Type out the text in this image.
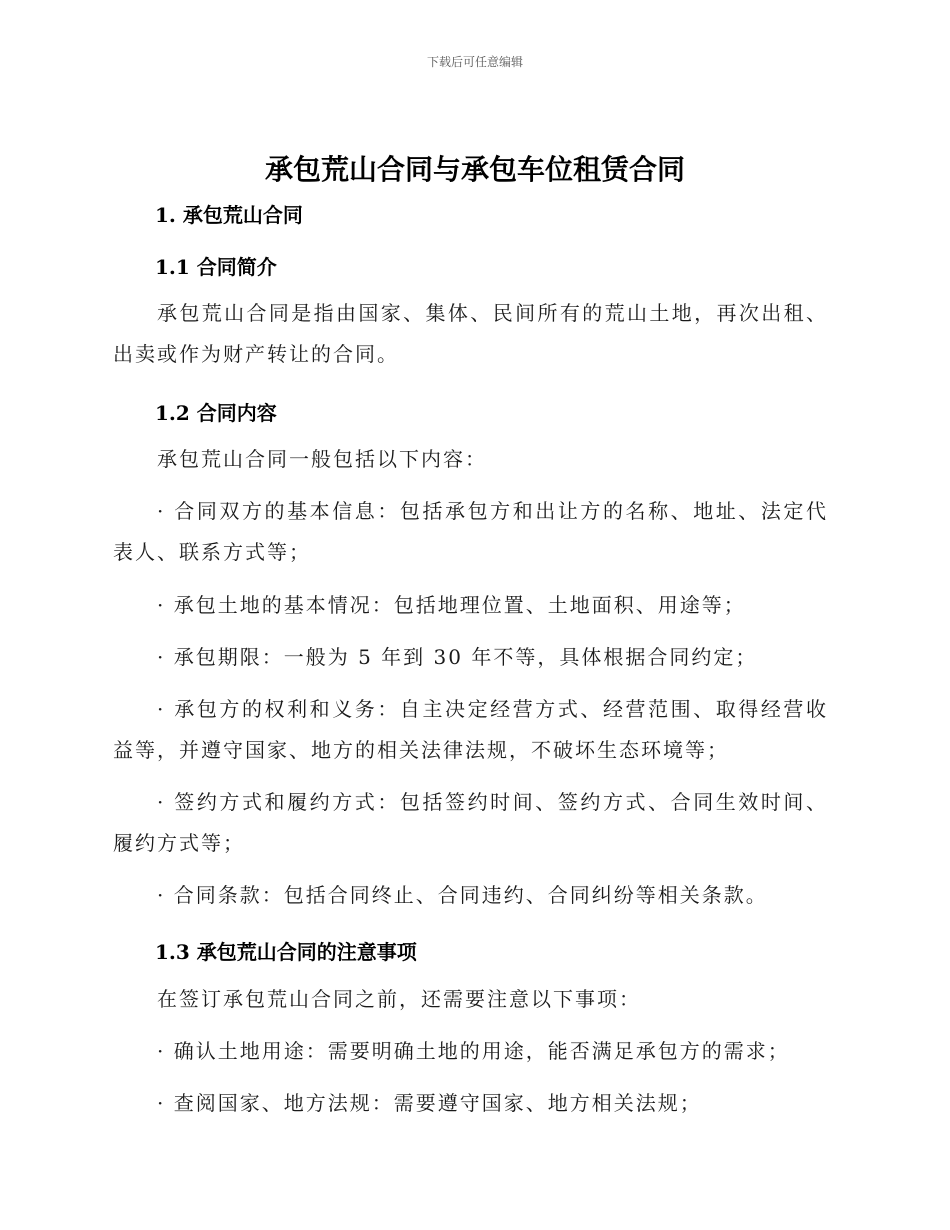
下载后可任意编辑
承包荒山合同与承包车位租赁合同
1. 承包荒山合同
1.1 合同简介

承包荒山合同是指由国家、集体、民间所有的荒山土地，再次出租、出卖或作为财产转让的合同。

1.2 合同内容

承包荒山合同一般包括以下内容：

· 合同双方的基本信息：包括承包方和出让方的名称、地址、法定代表人、联系方式等；

· 承包土地的基本情况：包括地理位置、土地面积、用途等；

· 承包期限：一般为 5 年到 30 年不等，具体根据合同约定；

· 承包方的权利和义务：自主决定经营方式、经营范围、取得经营收益等，并遵守国家、地方的相关法律法规，不破坏生态环境等；

· 签约方式和履约方式：包括签约时间、签约方式、合同生效时间、履约方式等；

· 合同条款：包括合同终止、合同违约、合同纠纷等相关条款。

1.3 承包荒山合同的注意事项

在签订承包荒山合同之前，还需要注意以下事项：

· 确认土地用途：需要明确土地的用途，能否满足承包方的需求；

· 查阅国家、地方法规：需要遵守国家、地方相关法规；
